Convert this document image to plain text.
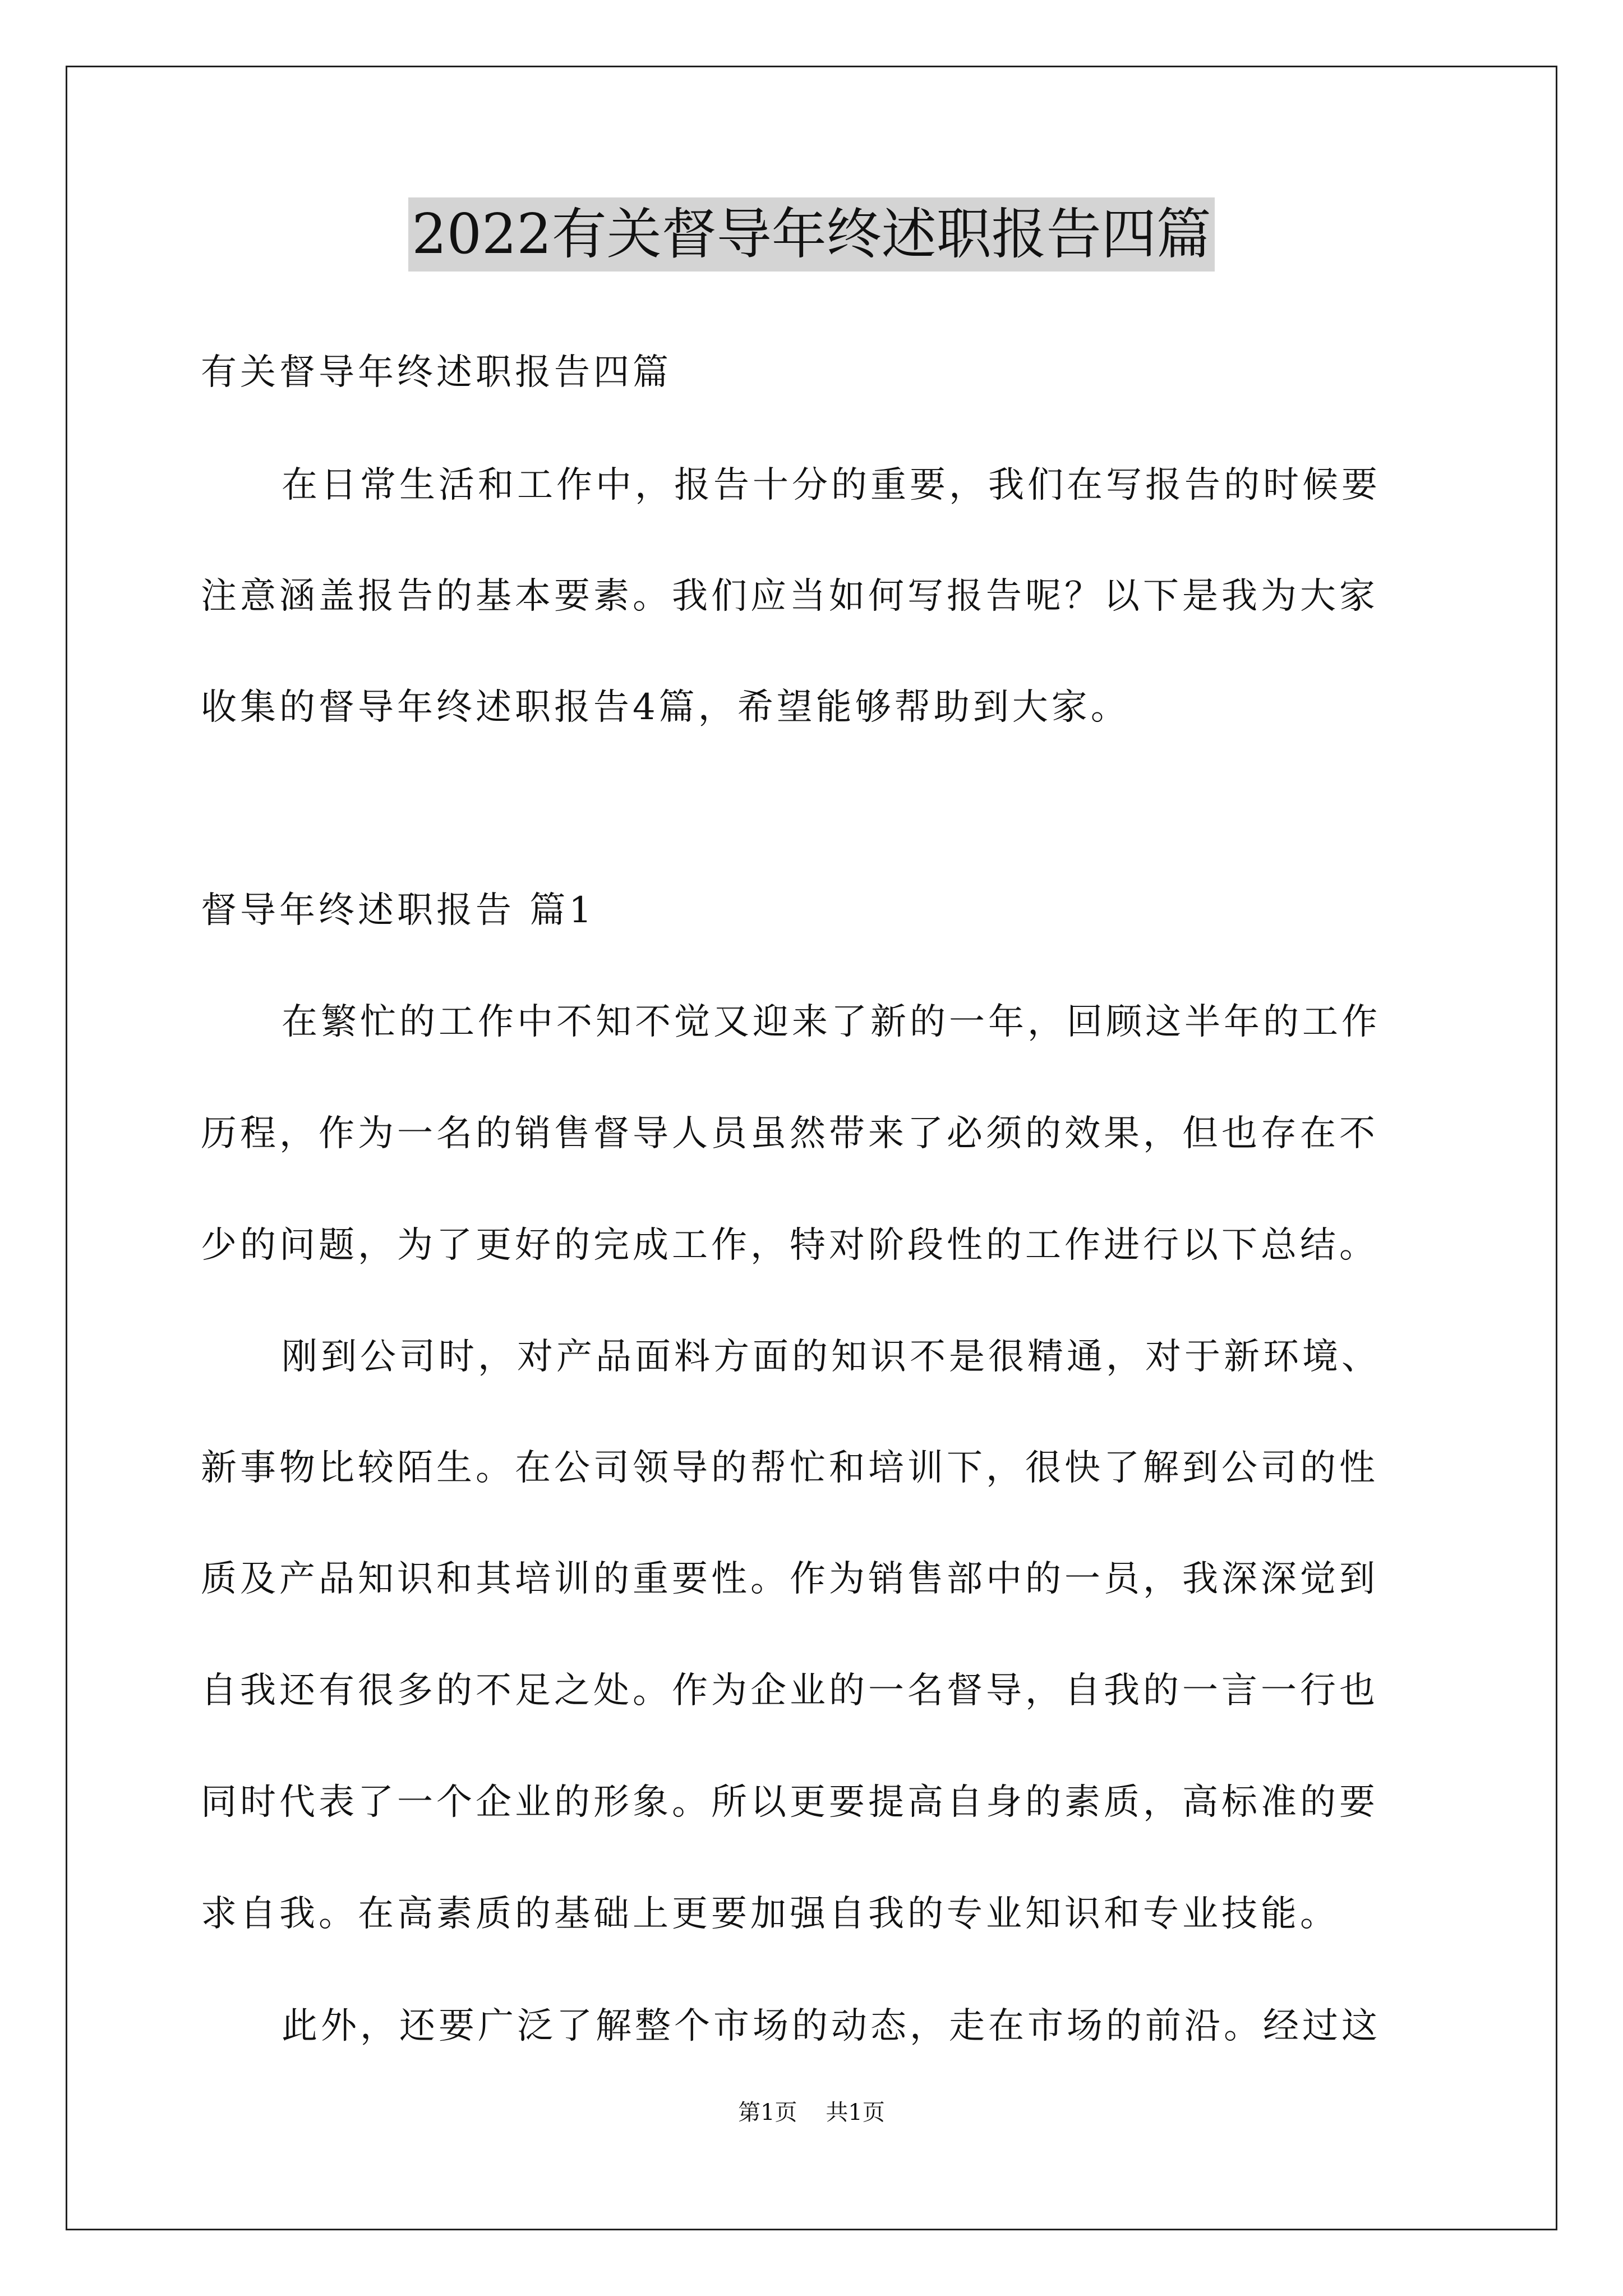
2022有关督导年终述职报告四篇

有关督导年终述职报告四篇

在日常生活和工作中，报告十分的重要，我们在写报告的时候要

注意涵盖报告的基本要素。我们应当如何写报告呢？以下是我为大家

收集的督导年终述职报告4篇，希望能够帮助到大家。

督导年终述职报告 篇1

在繁忙的工作中不知不觉又迎来了新的一年，回顾这半年的工作

历程，作为一名的销售督导人员虽然带来了必须的效果，但也存在不

少的问题，为了更好的完成工作，特对阶段性的工作进行以下总结。

刚到公司时，对产品面料方面的知识不是很精通，对于新环境、

新事物比较陌生。在公司领导的帮忙和培训下，很快了解到公司的性

质及产品知识和其培训的重要性。作为销售部中的一员，我深深觉到

自我还有很多的不足之处。作为企业的一名督导，自我的一言一行也

同时代表了一个企业的形象。所以更要提高自身的素质，高标准的要

求自我。在高素质的基础上更要加强自我的专业知识和专业技能。

此外，还要广泛了解整个市场的动态，走在市场的前沿。经过这

第1页    共1页
